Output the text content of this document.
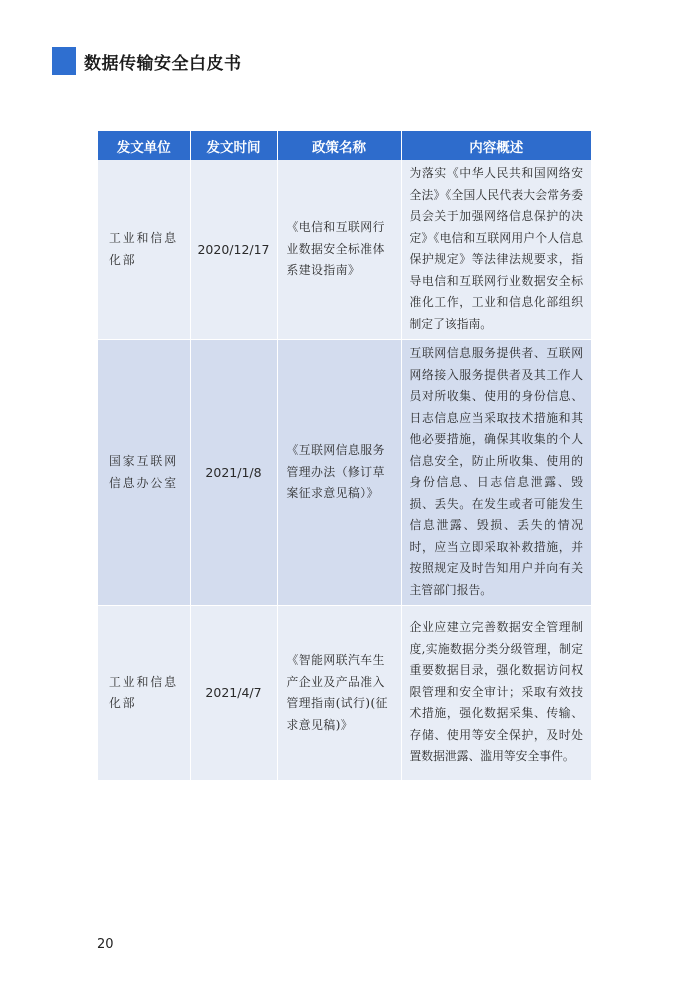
数据传输安全白皮书
发文单位	发文时间	政策名称	内容概述
工业和信息化部	2020/12/17	《电信和互联网行业数据安全标准体系建设指南》	为落实《中华人民共和国网络安全法》《全国人民代表大会常务委员会关于加强网络信息保护的决定》《电信和互联网用户个人信息保护规定》等法律法规要求，指导电信和互联网行业数据安全标准化工作，工业和信息化部组织制定了该指南。
国家互联网信息办公室	2021/1/8	《互联网信息服务管理办法（修订草案征求意见稿）》	互联网信息服务提供者、互联网网络接入服务提供者及其工作人员对所收集、使用的身份信息、日志信息应当采取技术措施和其他必要措施，确保其收集的个人信息安全，防止所收集、使用的身份信息、日志信息泄露、毁损、丢失。在发生或者可能发生信息泄露、毁损、丢失的情况时，应当立即采取补救措施，并按照规定及时告知用户并向有关主管部门报告。
工业和信息化部	2021/4/7	《智能网联汽车生产企业及产品准入管理指南(试行)(征求意见稿)》	企业应建立完善数据安全管理制度,实施数据分类分级管理，制定重要数据目录，强化数据访问权限管理和安全审计；采取有效技术措施，强化数据采集、传输、存储、使用等安全保护，及时处置数据泄露、滥用等安全事件。
20
